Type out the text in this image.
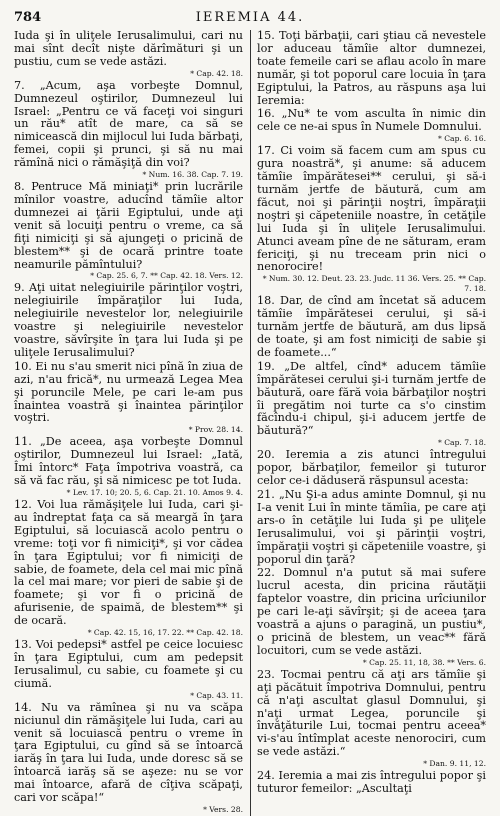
784	IEREMIA 44.

Iuda şi în uliţele Ierusalimului, cari nu mai sînt decît nişte dărîmături şi un pustiu, cum se vede astăzi.
* Cap. 42. 18.

7. „Acum, aşa vorbeşte Domnul, Dumnezeul oştirilor, Dumnezeul lui Israel: „Pentru ce vă faceţi voi singuri un rău* atît de mare, ca să se nimicească din mijlocul lui Iuda bărbaţi, femei, copii şi prunci, şi să nu mai rămînă nici o rămăşiţă din voi?
* Num. 16. 38. Cap. 7. 19.

8. Pentruce Mă miniaţi* prin lucrările mînilor voastre, aducînd tămîie altor dumnezei ai ţării Egiptului, unde aţi venit să locuiţi pentru o vreme, ca să fiţi nimiciţi şi să ajungeţi o pricină de blestem** şi de ocară printre toate neamurile pămîntului?
* Cap. 25. 6, 7. ** Cap. 42. 18. Vers. 12.

9. Aţi uitat nelegiuirile părinţilor voştri, nelegiuirile împăraţilor lui Iuda, nelegiuirile nevestelor lor, nelegiuirile voastre şi nelegiuirile nevestelor voastre, săvîrşite în ţara lui Iuda şi pe uliţele Ierusalimului?

10. Ei nu s'au smerit nici pînă în ziua de azi, n'au frică*, nu urmează Legea Mea şi poruncile Mele, pe cari le-am pus înaintea voastră şi înaintea părinţilor voştri.
* Prov. 28. 14.

11. „De aceea, aşa vorbeşte Domnul oştirilor, Dumnezeul lui Israel: „Iată, Îmi întorc* Faţa împotriva voastră, ca să vă fac rău, şi să nimicesc pe tot Iuda.
* Lev. 17. 10; 20. 5, 6. Cap. 21. 10. Amos 9. 4.

12. Voi lua rămăşiţele lui Iuda, cari şi-au îndreptat faţa ca să meargă în ţara Egiptului, să locuiască acolo pentru o vreme: toţi vor fi nimiciţi*, şi vor cădea în ţara Egiptului; vor fi nimiciţi de sabie, de foamete, dela cel mai mic pînă la cel mai mare; vor pieri de sabie şi de foamete; şi vor fi o pricină de afurisenie, de spaimă, de blestem** şi de ocară.
* Cap. 42. 15, 16, 17. 22. ** Cap. 42. 18.

13. Voi pedepsi* astfel pe ceice locuiesc în ţara Egiptului, cum am pedepsit Ierusalimul, cu sabie, cu foamete şi cu ciumă.
* Cap. 43. 11.

14. Nu va rămînea şi nu va scăpa niciunul din rămăşiţele lui Iuda, cari au venit să locuiască pentru o vreme în ţara Egiptului, cu gînd să se întoarcă iarăş în ţara lui Iuda, unde doresc să se întoarcă iarăş să se aşeze: nu se vor mai întoarce, afară de cîţiva scăpaţi, cari vor scăpa!“
* Vers. 28.

15. Toţi bărbaţii, cari ştiau că nevestele lor aduceau tămîie altor dumnezei, toate femeile cari se aflau acolo în mare număr, şi tot poporul care locuia în ţara Egiptului, la Patros, au răspuns aşa lui Ieremia:

16. „Nu* te vom asculta în nimic din cele ce ne-ai spus în Numele Domnului.
* Cap. 6. 16.

17. Ci voim să facem cum am spus cu gura noastră*, şi anume: să aducem tămîie împărătesei** cerului, şi să-i turnăm jertfe de băutură, cum am făcut, noi şi părinţii noştri, împăraţii noştri şi căpeteniile noastre, în cetăţile lui Iuda şi în uliţele Ierusalimului. Atunci aveam pîne de ne săturam, eram fericiţi, şi nu treceam prin nici o nenorocire!
* Num. 30. 12. Deut. 23. 23. Judc. 11 36. Vers. 25. ** Cap. 7. 18.

18. Dar, de cînd am încetat să aducem tămîie împărătesei cerului, şi să-i turnăm jertfe de băutură, am dus lipsă de toate, şi am fost nimiciţi de sabie şi de foamete...“

19. „De altfel, cînd* aducem tămîie împărătesei cerului şi-i turnăm jertfe de băutură, oare fără voia bărbaţilor noştri îi pregătim noi turte ca s'o cinstim făcîndu-i chipul, şi-i aducem jertfe de băutură?“
* Cap. 7. 18.

20. Ieremia a zis atunci întregului popor, bărbaţilor, femeilor şi tuturor celor ce-i dăduseră răspunsul acesta:

21. „Nu Şi-a adus aminte Domnul, şi nu I-a venit Lui în minte tămîia, pe care aţi ars-o în cetăţile lui Iuda şi pe uliţele Ierusalimului, voi şi părinţii voştri, împăraţii voştri şi căpeteniile voastre, şi poporul din ţară?

22. Domnul n'a putut să mai sufere lucrul acesta, din pricina răutăţii faptelor voastre, din pricina urîciunilor pe cari le-aţi săvîrşit; şi de aceea ţara voastră a ajuns o paragină, un pustiu*, o pricină de blestem, un veac** fără locuitori, cum se vede astăzi.
* Cap. 25. 11, 18, 38. ** Vers. 6.

23. Tocmai pentru că aţi ars tămîie şi aţi păcătuit împotriva Domnului, pentru că n'aţi ascultat glasul Domnului, şi n'aţi urmat Legea, poruncile şi învăţăturile Lui, tocmai pentru aceea* vi-s'au întîmplat aceste nenorociri, cum se vede astăzi.“
* Dan. 9. 11, 12.

24. Ieremia a mai zis întregului popor şi tuturor femeilor: „Ascultaţi
